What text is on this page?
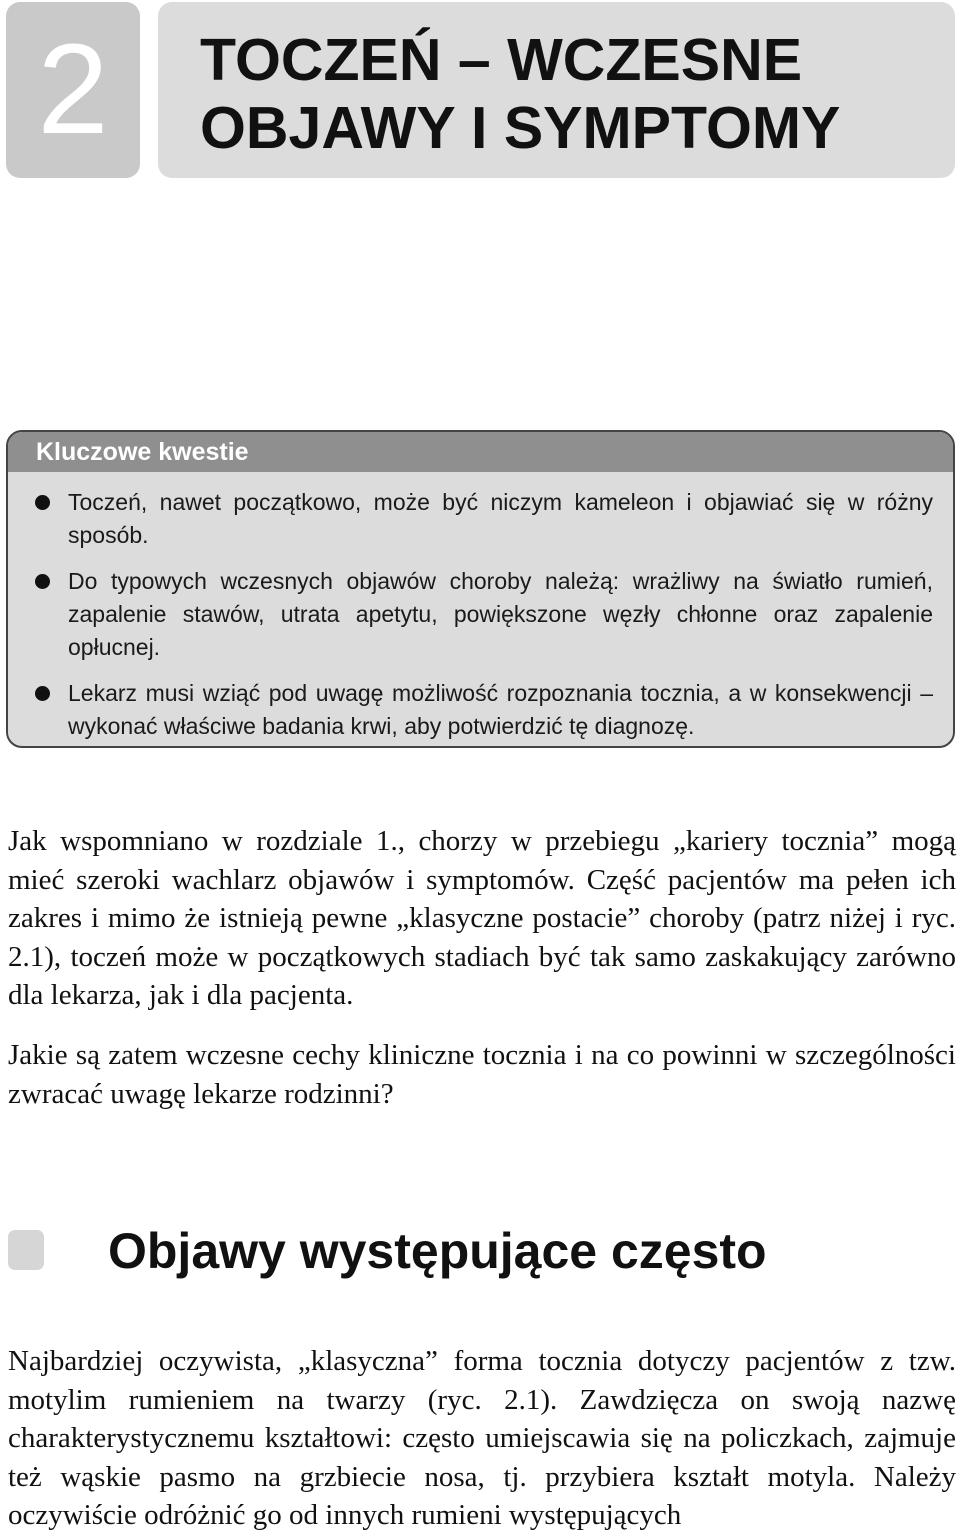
2	TOCZEŃ – WCZESNE
OBJAWY I SYMPTOMY
Kluczowe kwestie
Toczeń, nawet początkowo, może być niczym kameleon i objawiać się w różny sposób.
Do typowych wczesnych objawów choroby należą: wrażliwy na światło rumień, zapalenie stawów, utrata apetytu, powiększone węzły chłonne oraz zapalenie opłucnej.
Lekarz musi wziąć pod uwagę możliwość rozpoznania tocznia, a w konsekwencji – wykonać właściwe badania krwi, aby potwierdzić tę diagnozę.

Jak wspomniano w rozdziale 1., chorzy w przebiegu „kariery tocznia” mogą mieć szeroki wachlarz objawów i symptomów. Część pacjentów ma pełen ich zakres i mimo że istnieją pewne „klasyczne postacie” choroby (patrz niżej i ryc. 2.1), toczeń może w początkowych stadiach być tak samo zaskakujący zarówno dla lekarza, jak i dla pacjenta.

Jakie są zatem wczesne cechy kliniczne tocznia i na co powinni w szczególności zwracać uwagę lekarze rodzinni?

Objawy występujące często

Najbardziej oczywista, „klasyczna” forma tocznia dotyczy pacjentów z tzw. motylim rumieniem na twarzy (ryc. 2.1). Zawdzięcza on swoją nazwę charakterystycznemu kształtowi: często umiejscawia się na policzkach, zajmuje też wąskie pasmo na grzbiecie nosa, tj. przybiera kształt motyla. Należy oczywiście odróżnić go od innych rumieni występujących
